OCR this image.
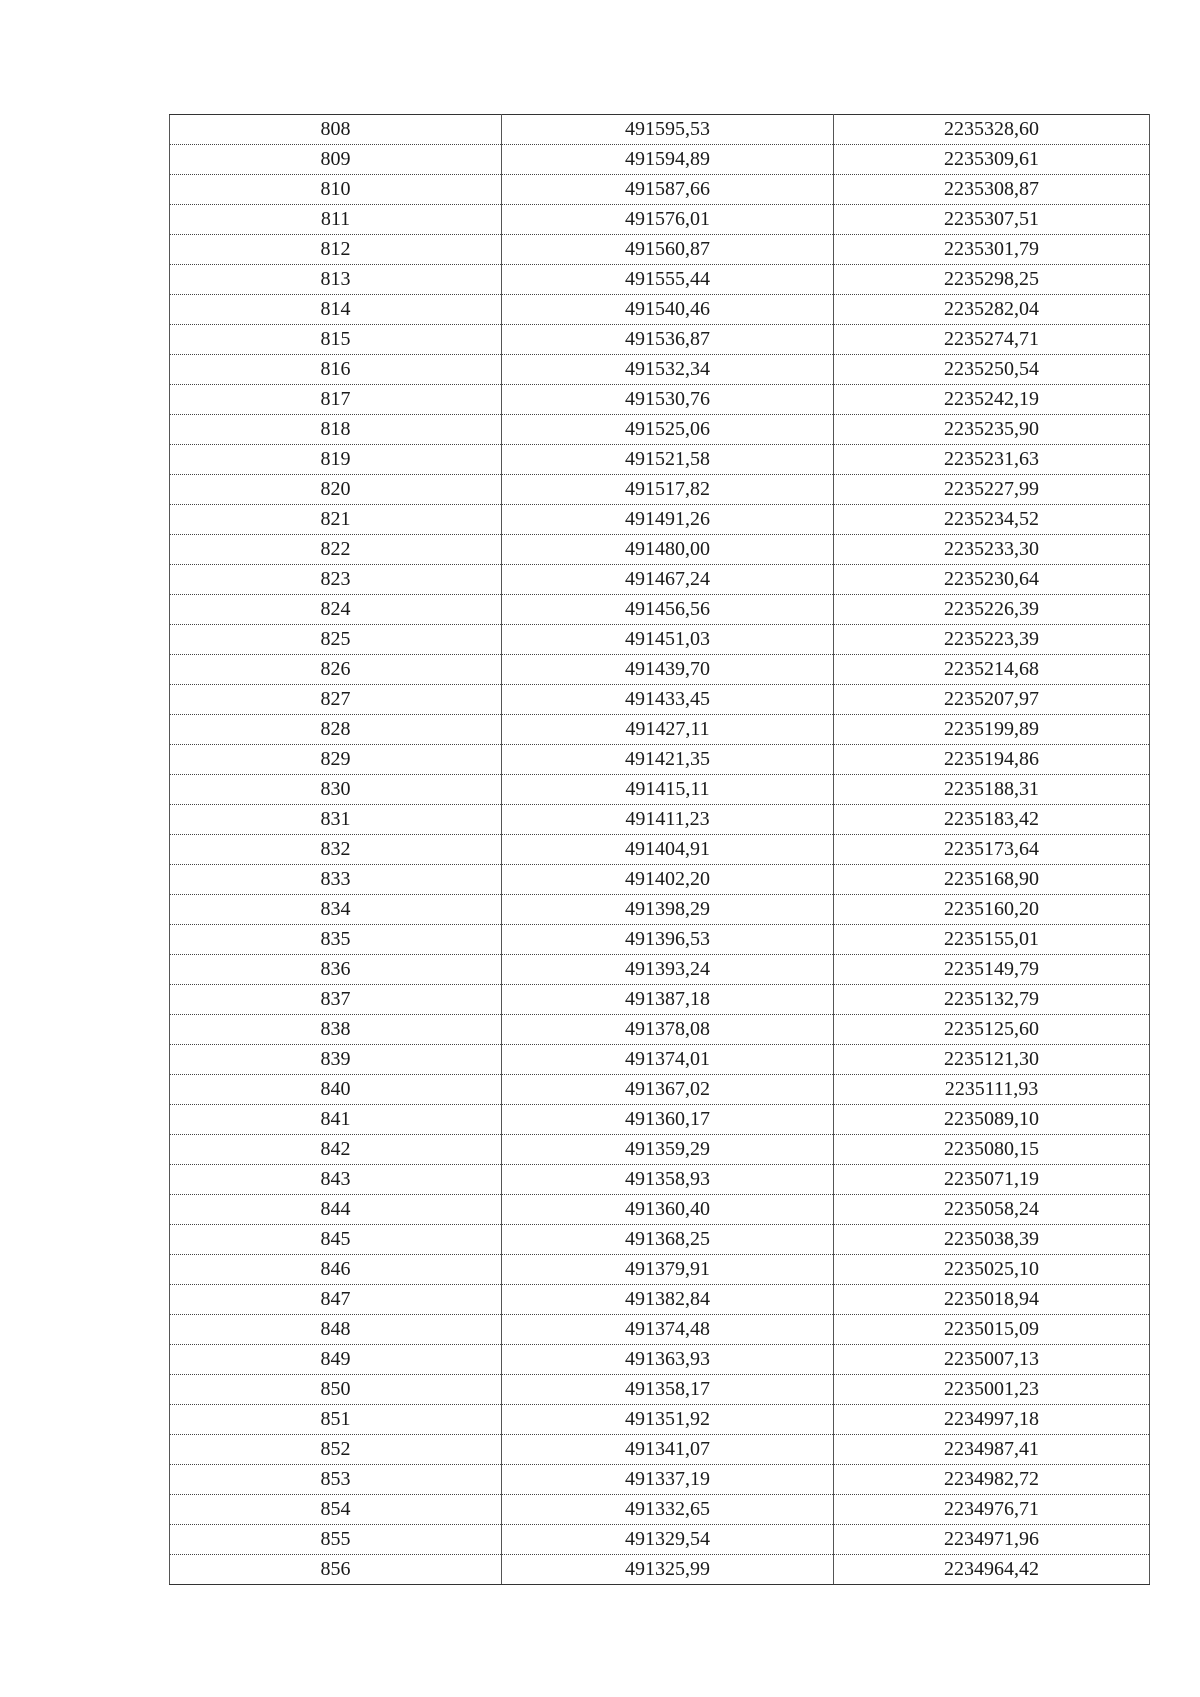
808	491595,53	2235328,60
809	491594,89	2235309,61
810	491587,66	2235308,87
811	491576,01	2235307,51
812	491560,87	2235301,79
813	491555,44	2235298,25
814	491540,46	2235282,04
815	491536,87	2235274,71
816	491532,34	2235250,54
817	491530,76	2235242,19
818	491525,06	2235235,90
819	491521,58	2235231,63
820	491517,82	2235227,99
821	491491,26	2235234,52
822	491480,00	2235233,30
823	491467,24	2235230,64
824	491456,56	2235226,39
825	491451,03	2235223,39
826	491439,70	2235214,68
827	491433,45	2235207,97
828	491427,11	2235199,89
829	491421,35	2235194,86
830	491415,11	2235188,31
831	491411,23	2235183,42
832	491404,91	2235173,64
833	491402,20	2235168,90
834	491398,29	2235160,20
835	491396,53	2235155,01
836	491393,24	2235149,79
837	491387,18	2235132,79
838	491378,08	2235125,60
839	491374,01	2235121,30
840	491367,02	2235111,93
841	491360,17	2235089,10
842	491359,29	2235080,15
843	491358,93	2235071,19
844	491360,40	2235058,24
845	491368,25	2235038,39
846	491379,91	2235025,10
847	491382,84	2235018,94
848	491374,48	2235015,09
849	491363,93	2235007,13
850	491358,17	2235001,23
851	491351,92	2234997,18
852	491341,07	2234987,41
853	491337,19	2234982,72
854	491332,65	2234976,71
855	491329,54	2234971,96
856	491325,99	2234964,42
